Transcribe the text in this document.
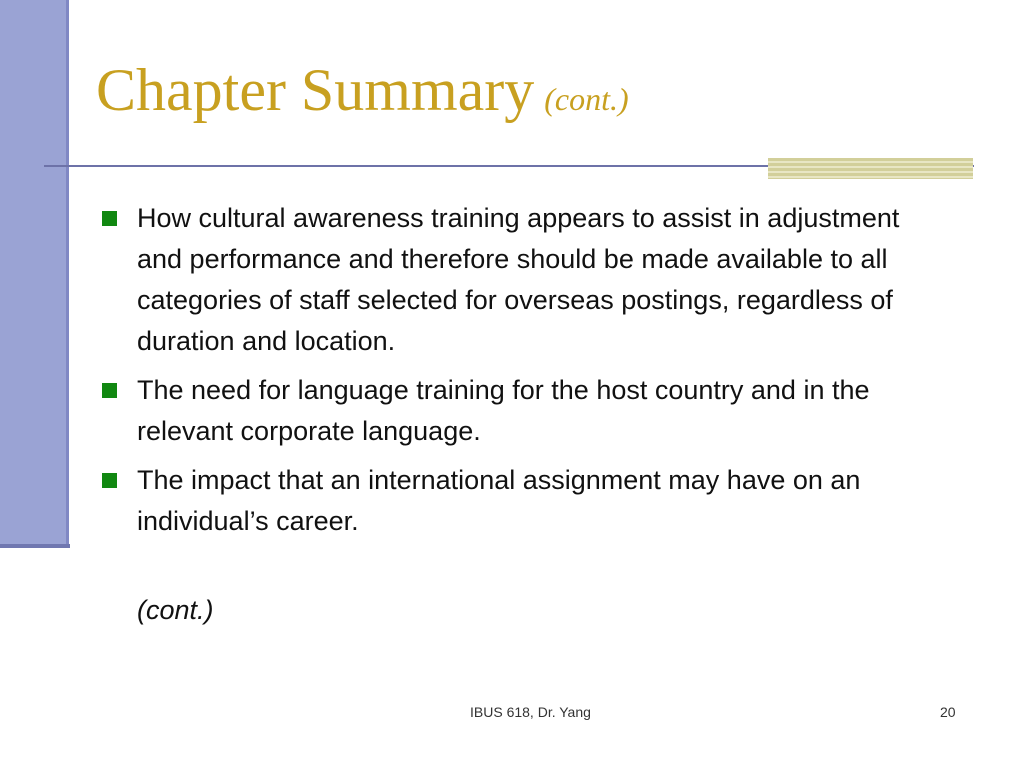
Chapter Summary (cont.)
How cultural awareness training appears to assist in adjustment and performance and therefore should be made available to all categories of staff selected for overseas postings, regardless of duration and location.
The need for language training for the host country and in the relevant corporate language.
The impact that an international assignment may have on an individual’s career.
(cont.)
IBUS 618, Dr. Yang	20
